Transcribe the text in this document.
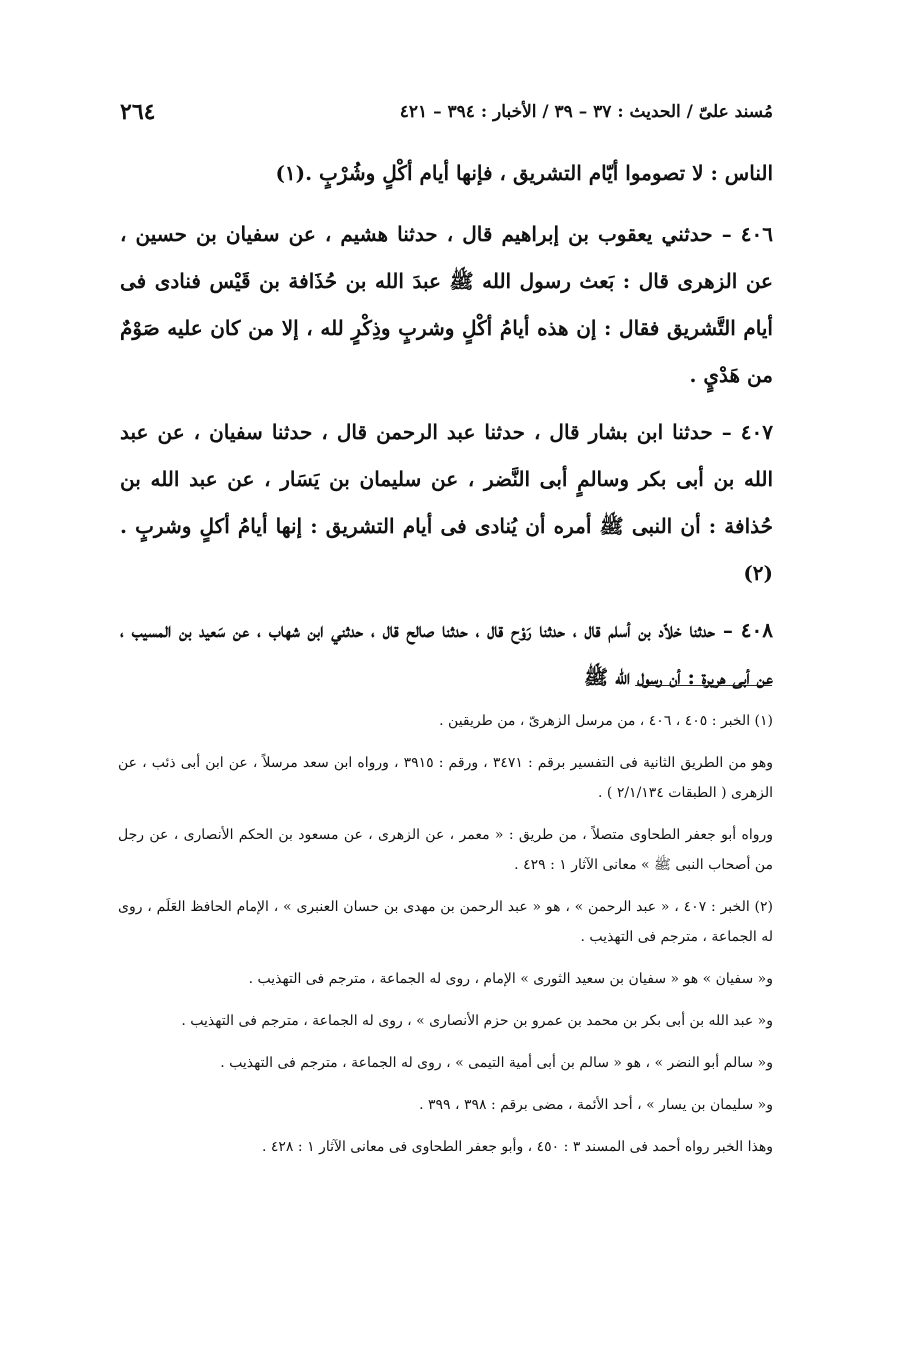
٢٦٤	مُسند علىّ / الحديث : ٣٧ – ٣٩ / الأخبار : ٣٩٤ – ٤٢١

الناس : لا تصوموا أيّام التشريق ، فإنها أيام أكْلٍ وشُرْبٍ .(١)

٤٠٦ – حدثني يعقوب بن إبراهيم قال ، حدثنا هشيم ، عن سفيان بن حسين ، عن الزهرى قال : بَعث رسول الله ﷺ عبدَ الله بن حُذَافة بن قَيْس فنادى فى أيام التَّشريق فقال : إن هذه أيامُ أكْلٍ وشربٍ وذِكْرٍ لله ، إلا من كان عليه صَوْمٌ من هَدْيٍ .

٤٠٧ – حدثنا ابن بشار قال ، حدثنا عبد الرحمن قال ، حدثنا سفيان ، عن عبد الله بن أبى بكر وسالمٍ أبى النَّضر ، عن سليمان بن يَسَار ، عن عبد الله بن حُذافة : أن النبى ﷺ أمره أن يُنادى فى أيام التشريق : إنها أيامُ أكلٍ وشربٍ .(٢)

٤٠٨ – حدثنا خلاّد بن أسلم قال ، حدثنا رَوْح قال ، حدثنا صالح قال ، حدثني ابن شهاب ، عن سَعيد بن المسيب ، عن أبى هريرة : أن رسول الله ﷺ

(١) الخبر : ٤٠٥ ، ٤٠٦ ، من مرسل الزهرىّ ، من طريقين .

وهو من الطريق الثانية فى التفسير برقم : ٣٤٧١ ، ورقم : ٣٩١٥ ، ورواه ابن سعد مرسلاً ، عن ابن أبى ذئب ، عن الزهرى ( الطبقات ٢/١/١٣٤ ) .

ورواه أبو جعفر الطحاوى متصلاً ، من طريق : « معمر ، عن الزهرى ، عن مسعود بن الحكم الأنصارى ، عن رجل من أصحاب النبى ﷺ » معانى الآثار ١ : ٤٢٩ .

(٢) الخبر : ٤٠٧ ، « عبد الرحمن » ، هو « عبد الرحمن بن مهدى بن حسان العنبرى » ، الإمام الحافظ العَلَم ، روى له الجماعة ، مترجم فى التهذيب .

و« سفيان » هو « سفيان بن سعيد الثورى » الإمام ، روى له الجماعة ، مترجم فى التهذيب .

و« عبد الله بن أبى بكر بن محمد بن عمرو بن حزم الأنصارى » ، روى له الجماعة ، مترجم فى التهذيب .

و« سالم أبو النضر » ، هو « سالم بن أبى أمية التيمى » ، روى له الجماعة ، مترجم فى التهذيب .

و« سليمان بن يسار » ، أحد الأئمة ، مضى برقم : ٣٩٨ ، ٣٩٩ .

وهذا الخبر رواه أحمد فى المسند ٣ : ٤٥٠ ، وأبو جعفر الطحاوى فى معانى الآثار ١ : ٤٢٨ .
